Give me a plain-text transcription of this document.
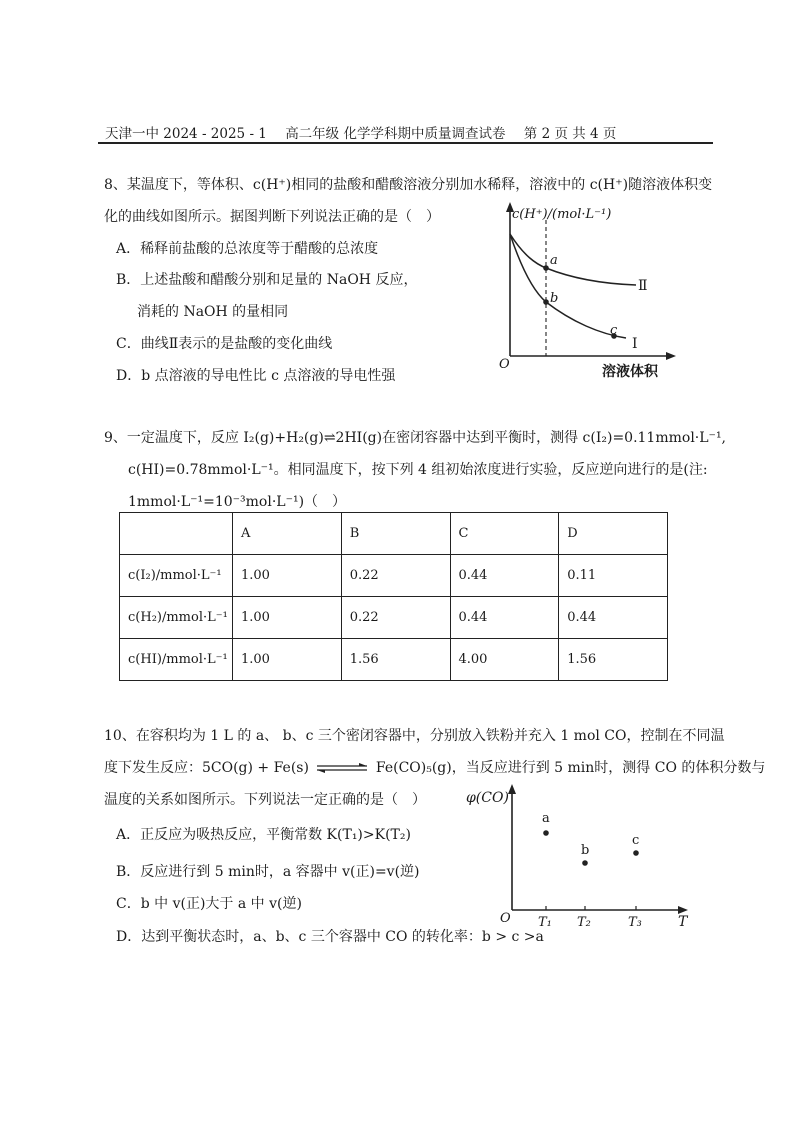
天津一中 2024 - 2025 - 1 高二年级 化学学科期中质量调查试卷 第 2 页 共 4 页
8、某温度下，等体积、c(H⁺)相同的盐酸和醋酸溶液分别加水稀释，溶液中的 c(H⁺)随溶液体积变
化的曲线如图所示。据图判断下列说法正确的是（　）
A．稀释前盐酸的总浓度等于醋酸的总浓度
B．上述盐酸和醋酸分别和足量的 NaOH 反应，
消耗的 NaOH 的量相同
C．曲线Ⅱ表示的是盐酸的变化曲线
D．b 点溶液的导电性比 c 点溶液的导电性强
c(H⁺)/(mol·L⁻¹)
a
b
c
Ⅱ
Ⅰ
O	溶液体积
9、一定温度下，反应 I₂(g)+H₂(g)⇌2HI(g)在密闭容器中达到平衡时，测得 c(I₂)=0.11mmol·L⁻¹,
c(HI)=0.78mmol·L⁻¹。相同温度下，按下列 4 组初始浓度进行实验，反应逆向进行的是(注:
1mmol·L⁻¹=10⁻³mol·L⁻¹)（　）
	A	B	C	D
c(I₂)/mmol·L⁻¹	1.00	0.22	0.44	0.11
c(H₂)/mmol·L⁻¹	1.00	0.22	0.44	0.44
c(HI)/mmol·L⁻¹	1.00	1.56	4.00	1.56
10、在容积均为 1 L 的 a、 b、c 三个密闭容器中，分别放入铁粉并充入 1 mol CO，控制在不同温
度下发生反应：5CO(g) + Fe(s) ⇌ Fe(CO)₅(g)，当反应进行到 5 min时，测得 CO 的体积分数与
温度的关系如图所示。下列说法一定正确的是（　）
A．正反应为吸热反应，平衡常数 K(T₁)>K(T₂)
B．反应进行到 5 min时，a 容器中 v(正)=v(逆)
C．b 中 v(正)大于 a 中 v(逆)
D．达到平衡状态时，a、b、c 三个容器中 CO 的转化率：b > c >a
a
b
c
φ(CO)
O T₁ T₂	T₃	T
